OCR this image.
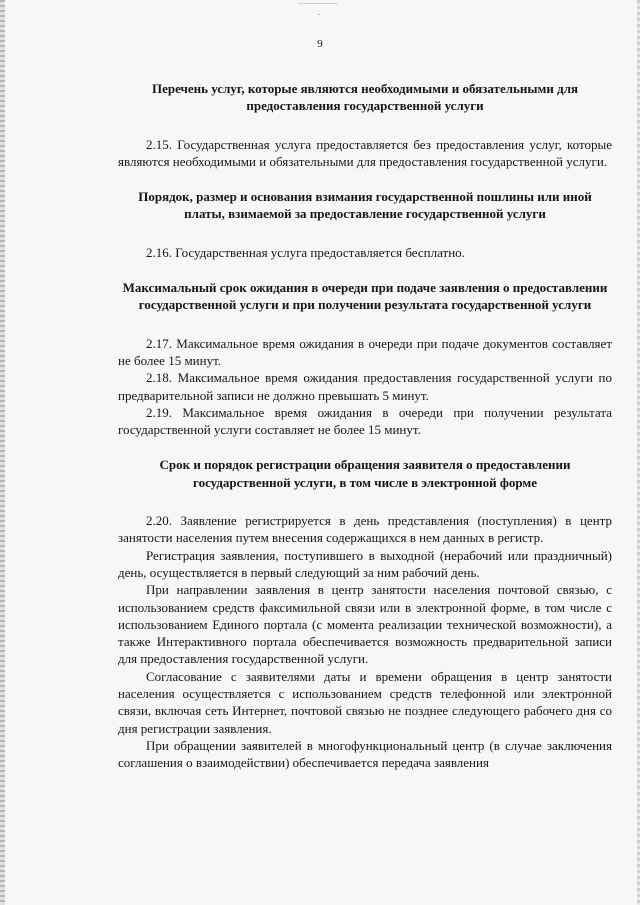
9

Перечень услуг, которые являются необходимыми и обязательными для предоставления государственной услуги

2.15. Государственная услуга предоставляется без предоставления услуг, которые являются необходимыми и обязательными для предоставления государственной услуги.

Порядок, размер и основания взимания государственной пошлины или иной платы, взимаемой за предоставление государственной услуги

2.16. Государственная услуга предоставляется бесплатно.

Максимальный срок ожидания в очереди при подаче заявления о предоставлении государственной услуги и при получении результата государственной услуги

2.17. Максимальное время ожидания в очереди при подаче документов составляет не более 15 минут.

2.18. Максимальное время ожидания предоставления государственной услуги по предварительной записи не должно превышать 5 минут.

2.19. Максимальное время ожидания в очереди при получении результата государственной услуги составляет не более 15 минут.

Срок и порядок регистрации обращения заявителя о предоставлении государственной услуги, в том числе в электронной форме

2.20. Заявление регистрируется в день представления (поступления) в центр занятости населения путем внесения содержащихся в нем данных в регистр.

Регистрация заявления, поступившего в выходной (нерабочий или праздничный) день, осуществляется в первый следующий за ним рабочий день.

При направлении заявления в центр занятости населения почтовой связью, с использованием средств факсимильной связи или в электронной форме, в том числе с использованием Единого портала (с момента реализации технической возможности), а также Интерактивного портала обеспечивается возможность предварительной записи для предоставления государственной услуги.

Согласование с заявителями даты и времени обращения в центр занятости населения осуществляется с использованием средств телефонной или электронной связи, включая сеть Интернет, почтовой связью не позднее следующего рабочего дня со дня регистрации заявления.

При обращении заявителей в многофункциональный центр (в случае заключения соглашения о взаимодействии) обеспечивается передача заявления
